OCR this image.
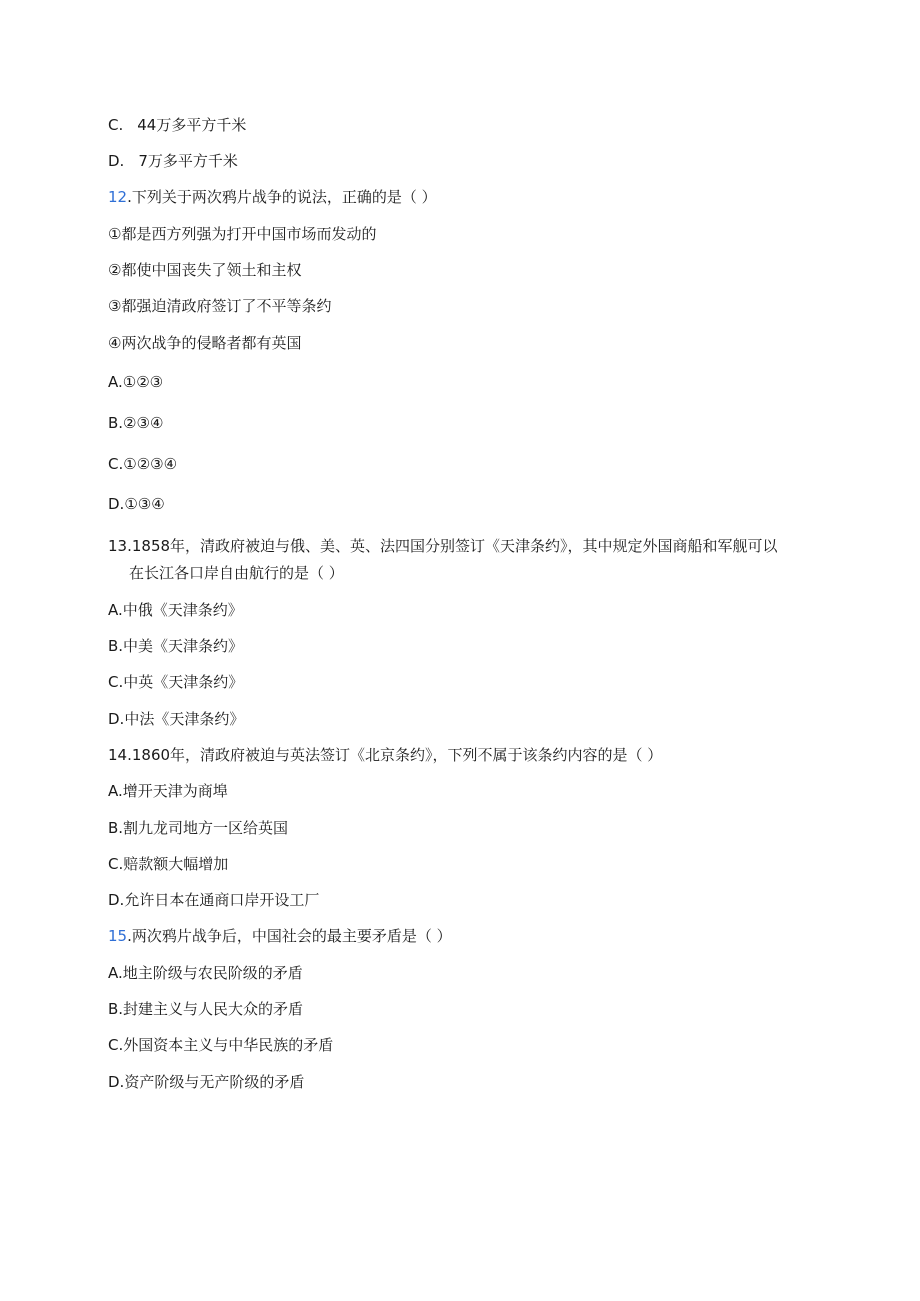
C. 44万多平方千米
D. 7万多平方千米
12.下列关于两次鸦片战争的说法，正确的是（ ）
①都是西方列强为打开中国市场而发动的
②都使中国丧失了领土和主权
③都强迫清政府签订了不平等条约
④两次战争的侵略者都有英国
A.①②③
B.②③④
C.①②③④
D.①③④
13.1858年，清政府被迫与俄、美、英、法四国分别签订《天津条约》，其中规定外国商船和军舰可以
在长江各口岸自由航行的是（ ）
A.中俄《天津条约》
B.中美《天津条约》
C.中英《天津条约》
D.中法《天津条约》
14.1860年，清政府被迫与英法签订《北京条约》，下列不属于该条约内容的是（ ）
A.增开天津为商埠
B.割九龙司地方一区给英国
C.赔款额大幅增加
D.允许日本在通商口岸开设工厂
15.两次鸦片战争后，中国社会的最主要矛盾是（ ）
A.地主阶级与农民阶级的矛盾
B.封建主义与人民大众的矛盾
C.外国资本主义与中华民族的矛盾
D.资产阶级与无产阶级的矛盾
